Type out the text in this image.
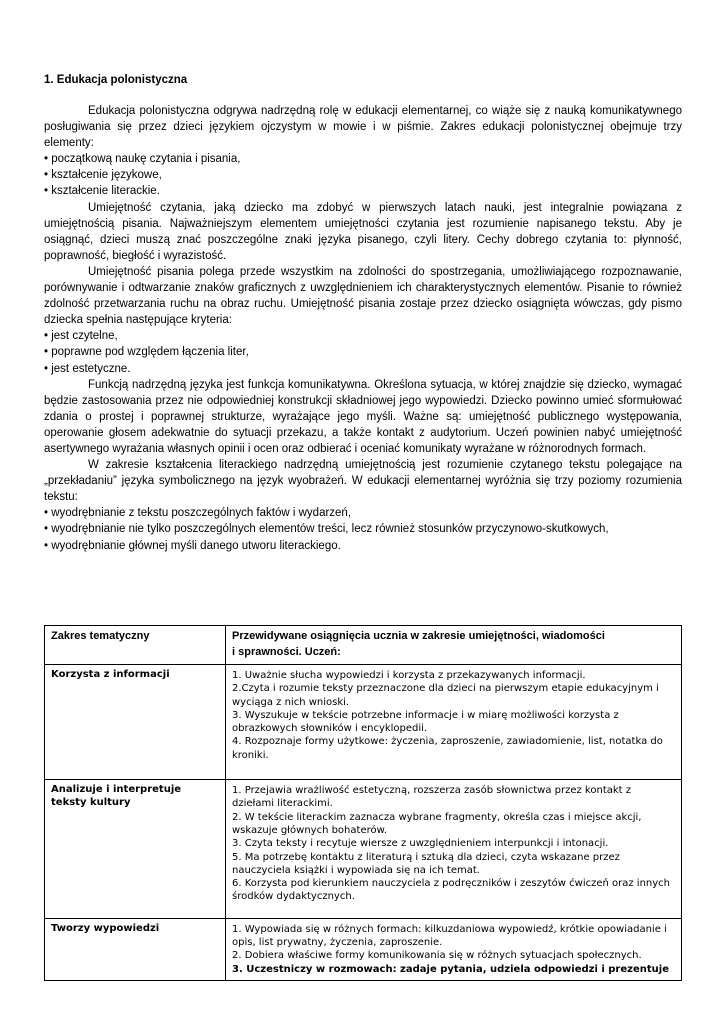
1. Edukacja polonistyczna

Edukacja polonistyczna odgrywa nadrzędną rolę w edukacji elementarnej, co wiąże się z nauką komunikatywnego posługiwania się przez dzieci językiem ojczystym w mowie i w piśmie. Zakres edukacji polonistycznej obejmuje trzy elementy:

• początkową naukę czytania i pisania,
• kształcenie językowe,
• kształcenie literackie.

Umiejętność czytania, jaką dziecko ma zdobyć w pierwszych latach nauki, jest integralnie powiązana z umiejętnością pisania. Najważniejszym elementem umiejętności czytania jest rozumienie napisanego tekstu. Aby je osiągnąć, dzieci muszą znać poszczególne znaki języka pisanego, czyli litery. Cechy dobrego czytania to: płynność, poprawność, biegłość i wyrazistość.

Umiejętność pisania polega przede wszystkim na zdolności do spostrzegania, umożliwiającego rozpoznawanie, porównywanie i odtwarzanie znaków graficznych z uwzględnieniem ich charakterystycznych elementów. Pisanie to również zdolność przetwarzania ruchu na obraz ruchu. Umiejętność pisania zostaje przez dziecko osiągnięta wówczas, gdy pismo dziecka spełnia następujące kryteria:

• jest czytelne,
• poprawne pod względem łączenia liter,
• jest estetyczne.

Funkcją nadrzędną języka jest funkcja komunikatywna. Określona sytuacja, w której znajdzie się dziecko, wymagać będzie zastosowania przez nie odpowiedniej konstrukcji składniowej jego wypowiedzi. Dziecko powinno umieć sformułować zdania o prostej i poprawnej strukturze, wyrażające jego myśli. Ważne są: umiejętność publicznego występowania, operowanie głosem adekwatnie do sytuacji przekazu, a także kontakt z audytorium. Uczeń powinien nabyć umiejętność asertywnego wyrażania własnych opinii i ocen oraz odbierać i oceniać komunikaty wyrażane w różnorodnych formach.

W zakresie kształcenia literackiego nadrzędną umiejętnością jest rozumienie czytanego tekstu polegające na „przekładaniu” języka symbolicznego na język wyobrażeń. W edukacji elementarnej wyróżnia się trzy poziomy rozumienia tekstu:

• wyodrębnianie z tekstu poszczególnych faktów i wydarzeń,
• wyodrębnianie nie tylko poszczególnych elementów treści, lecz również stosunków przyczynowo-skutkowych,
• wyodrębnianie głównej myśli danego utworu literackiego.
Zakres tematyczny	Przewidywane osiągnięcia ucznia w zakresie umiejętności, wiadomości
i sprawności. Uczeń:

Korzysta z informacji	1. Uważnie słucha wypowiedzi i korzysta z przekazywanych informacji.
2.Czyta i rozumie teksty przeznaczone dla dzieci na pierwszym etapie edukacyjnym i wyciąga z nich wnioski.
3. Wyszukuje w tekście potrzebne informacje i w miarę możliwości korzysta z obrazkowych słowników i encyklopedii.
4. Rozpoznaje formy użytkowe: życzenia, zaproszenie, zawiadomienie, list, notatka do kroniki.

Analizuje i interpretuje teksty kultury	1. Przejawia wrażliwość estetyczną, rozszerza zasób słownictwa przez kontakt z dziełami literackimi.
2. W tekście literackim zaznacza wybrane fragmenty, określa czas i miejsce akcji, wskazuje głównych bohaterów.
3. Czyta teksty i recytuje wiersze z uwzględnieniem interpunkcji i intonacji.
5. Ma potrzebę kontaktu z literaturą i sztuką dla dzieci, czyta wskazane przez nauczyciela książki i wypowiada się na ich temat.
6. Korzysta pod kierunkiem nauczyciela z podręczników i zeszytów ćwiczeń oraz innych środków dydaktycznych.

Tworzy wypowiedzi	1. Wypowiada się w różnych formach: kilkuzdaniowa wypowiedź, krótkie opowiadanie i opis, list prywatny, życzenia, zaproszenie.
2. Dobiera właściwe formy komunikowania się w różnych sytuacjach społecznych.
3. Uczestniczy w rozmowach: zadaje pytania, udziela odpowiedzi i prezentuje
